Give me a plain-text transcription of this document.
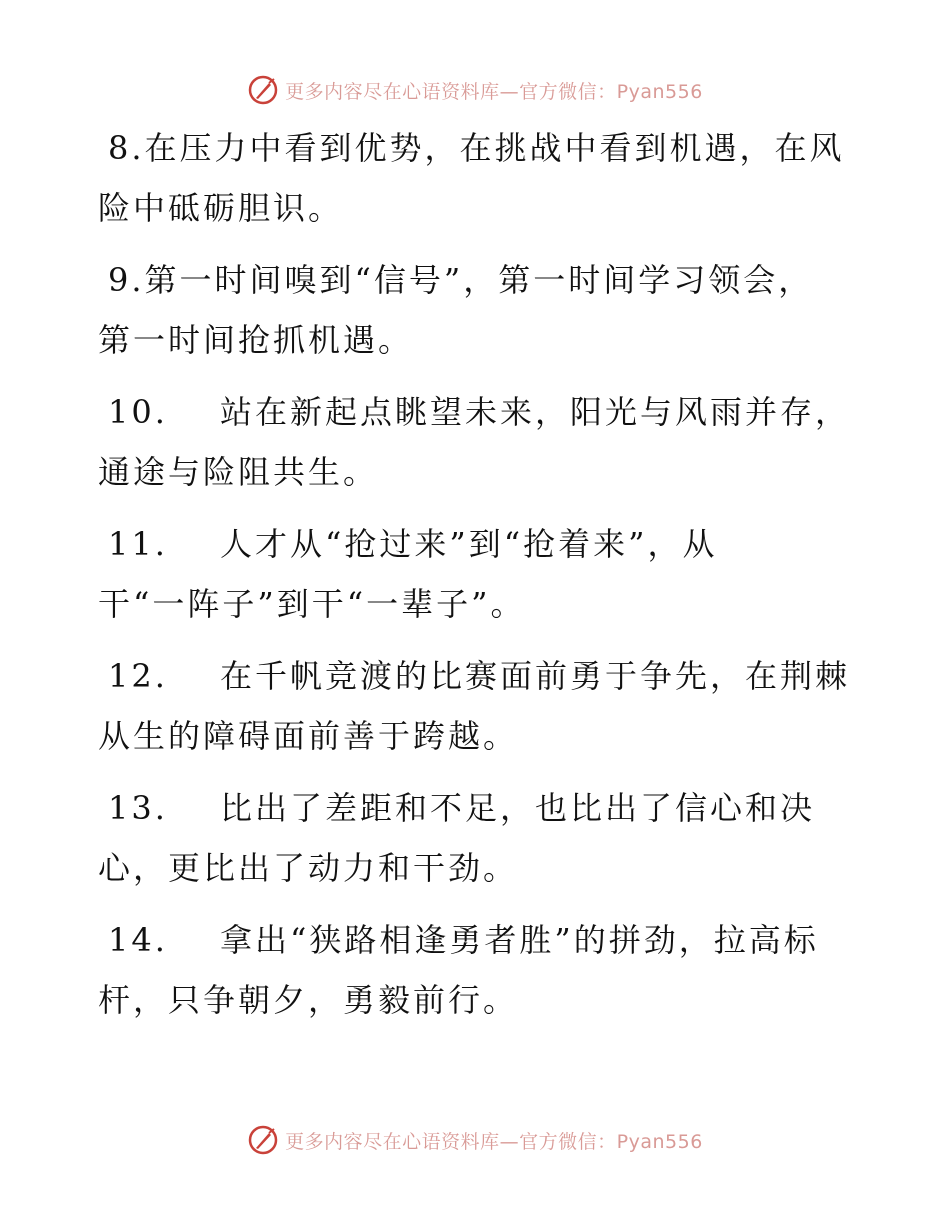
更多内容尽在心语资料库—官方微信：Pyan556

8.在压力中看到优势，在挑战中看到机遇，在风
险中砥砺胆识。

9.第一时间嗅到“信号”，第一时间学习领会，
第一时间抢抓机遇。

10. 站在新起点眺望未来，阳光与风雨并存，
通途与险阻共生。

11. 人才从“抢过来”到“抢着来”，从
干“一阵子”到干“一辈子”。

12. 在千帆竞渡的比赛面前勇于争先，在荆棘
从生的障碍面前善于跨越。

13. 比出了差距和不足，也比出了信心和决
心，更比出了动力和干劲。

14. 拿出“狭路相逢勇者胜”的拼劲，拉高标
杆，只争朝夕，勇毅前行。

更多内容尽在心语资料库—官方微信：Pyan556
